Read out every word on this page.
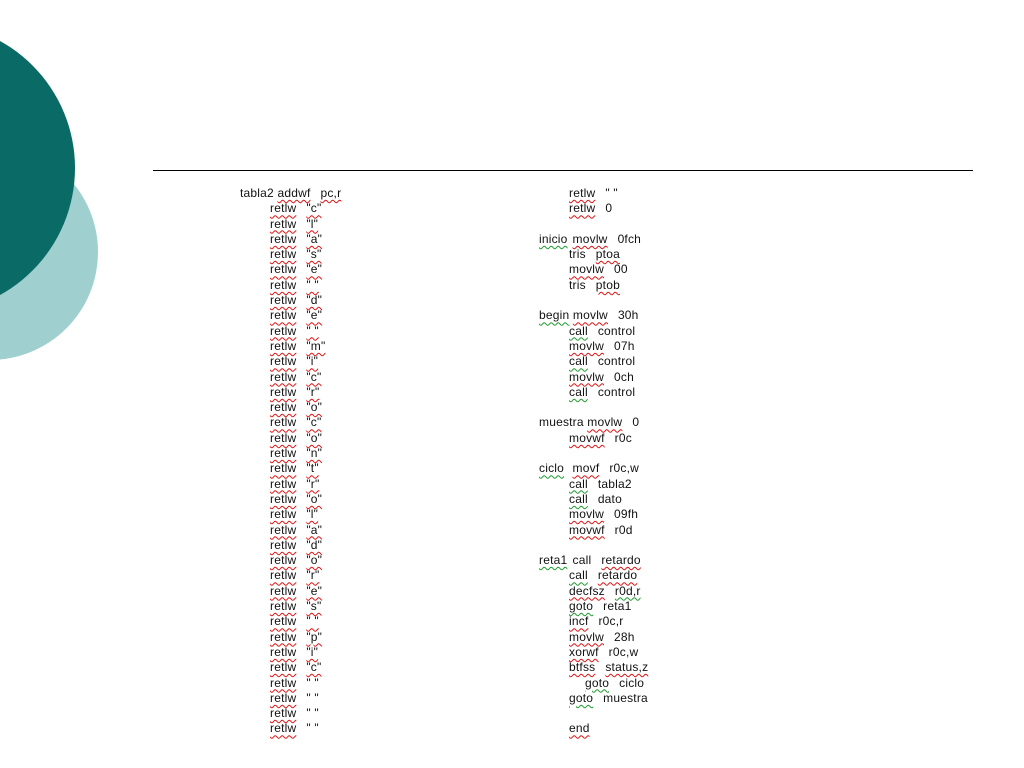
tabla2 addwf pc,r
retlw "c"
retlw "l"
retlw "a"
retlw "s"
retlw "e"
retlw " "
retlw "d"
retlw "e"
retlw " "
retlw "m"
retlw "i"
retlw "c"
retlw "r"
retlw "o"
retlw "c"
retlw "o"
retlw "n"
retlw "t"
retlw "r"
retlw "o"
retlw "l"
retlw "a"
retlw "d"
retlw "o"
retlw "r"
retlw "e"
retlw "s"
retlw " "
retlw "p"
retlw "i"
retlw "c"
retlw " "
retlw " "
retlw " "
retlw " "
retlw " "
retlw 0

inicio movlw 0fch
tris ptoa
movlw 00
tris ptob

begin movlw 30h
call control
movlw 07h
call control
movlw 0ch
call control

muestra movlw 0
movwf r0c

ciclo movf r0c,w
call tabla2
call dato
movlw 09fh
movwf r0d

reta1 call retardo
call retardo
decfsz r0d,r
goto reta1
incf r0c,r
movlw 28h
xorwf r0c,w
btfss status,z
goto ciclo
goto muestra

end
